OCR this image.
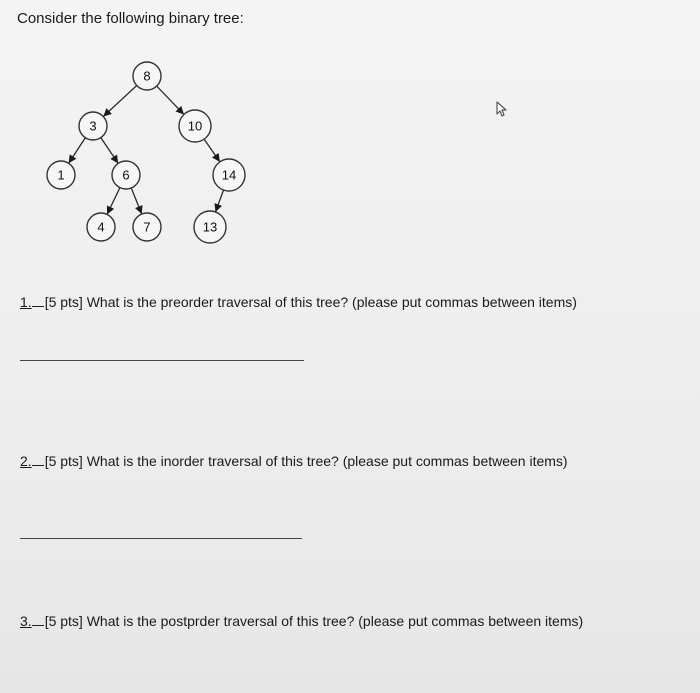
Consider the following binary tree:
8
3	10
1	6
4	7
14
13
1. [5 pts] What is the preorder traversal of this tree? (please put commas between items)
2. [5 pts] What is the inorder traversal of this tree? (please put commas between items)
3. [5 pts] What is the postprder traversal of this tree? (please put commas between items)
